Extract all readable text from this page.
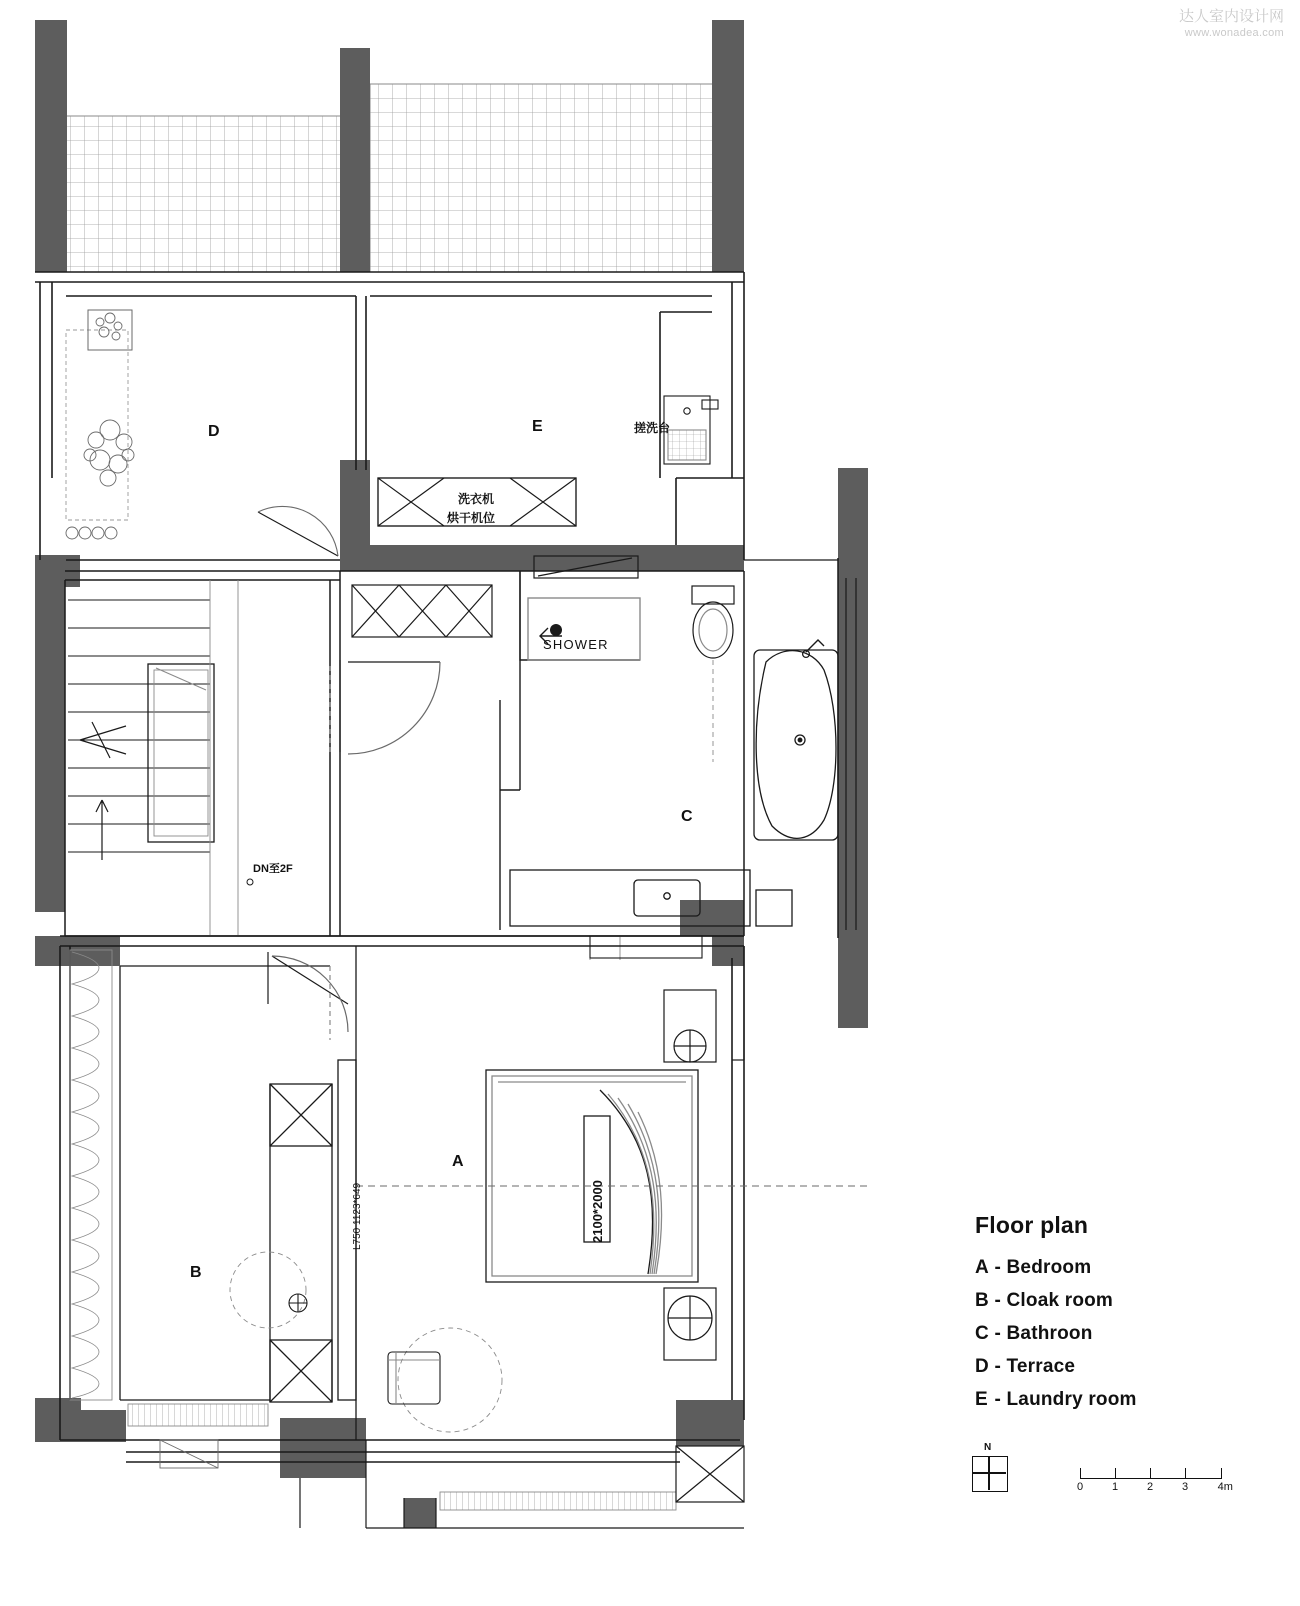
D	E
C
A
B
搓洗台
洗衣机
烘干机位
SHOWER
DN至2F
2100*2000
L750 1123*649
达人室内设计网
www.wonadea.com
Floor plan
A - Bedroom
B - Cloak room
C - Bathroon
D - Terrace
E - Laundry room
N
0	1	2	3	4m
